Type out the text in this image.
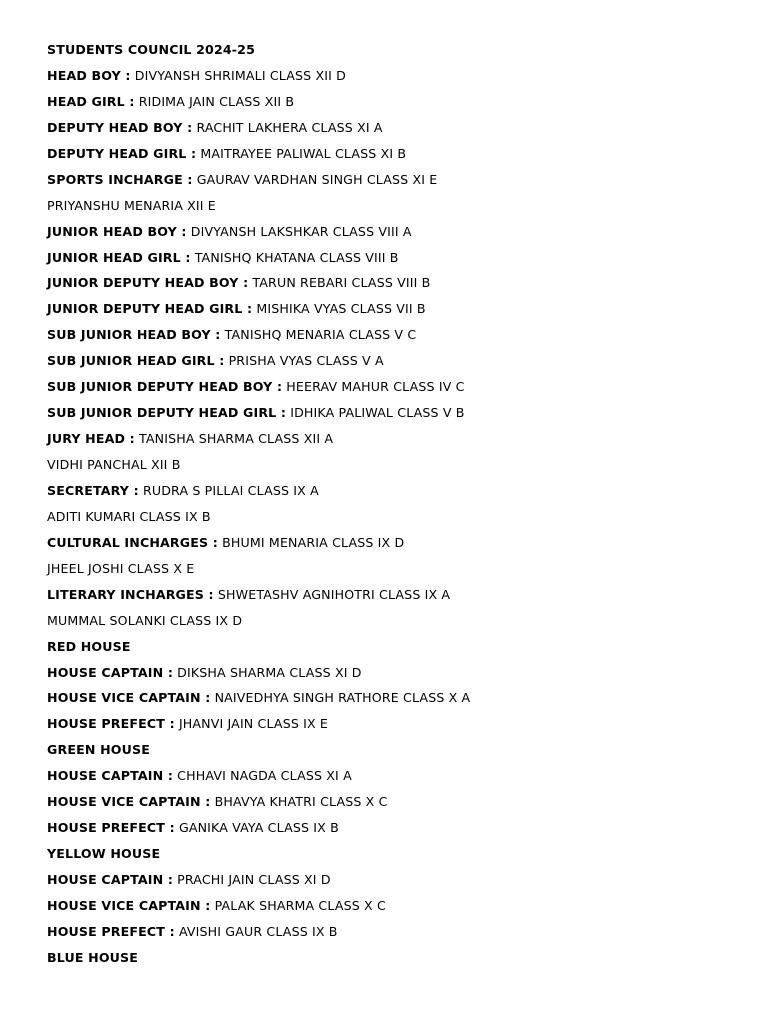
STUDENTS COUNCIL 2024-25
HEAD BOY : DIVYANSH SHRIMALI CLASS XII D
HEAD GIRL : RIDIMA JAIN CLASS XII B
DEPUTY HEAD BOY : RACHIT LAKHERA CLASS XI A
DEPUTY HEAD GIRL : MAITRAYEE PALIWAL CLASS XI B
SPORTS INCHARGE : GAURAV VARDHAN SINGH CLASS XI E
PRIYANSHU MENARIA XII E
JUNIOR HEAD BOY : DIVYANSH LAKSHKAR CLASS VIII A
JUNIOR HEAD GIRL : TANISHQ KHATANA CLASS VIII B
JUNIOR DEPUTY HEAD BOY : TARUN REBARI CLASS VIII B
JUNIOR DEPUTY HEAD GIRL : MISHIKA VYAS CLASS VII B
SUB JUNIOR HEAD BOY : TANISHQ MENARIA CLASS V C
SUB JUNIOR HEAD GIRL : PRISHA VYAS CLASS V A
SUB JUNIOR DEPUTY HEAD BOY : HEERAV MAHUR CLASS IV C
SUB JUNIOR DEPUTY HEAD GIRL : IDHIKA PALIWAL CLASS V B
JURY HEAD : TANISHA SHARMA CLASS XII A
VIDHI PANCHAL XII B
SECRETARY : RUDRA S PILLAI CLASS IX A
ADITI KUMARI CLASS IX B
CULTURAL INCHARGES : BHUMI MENARIA CLASS IX D
JHEEL JOSHI CLASS X E
LITERARY INCHARGES : SHWETASHV AGNIHOTRI CLASS IX A
MUMMAL SOLANKI CLASS IX D
RED HOUSE
HOUSE CAPTAIN : DIKSHA SHARMA CLASS XI D
HOUSE VICE CAPTAIN : NAIVEDHYA SINGH RATHORE CLASS X A
HOUSE PREFECT : JHANVI JAIN CLASS IX E
GREEN HOUSE
HOUSE CAPTAIN : CHHAVI NAGDA CLASS XI A
HOUSE VICE CAPTAIN : BHAVYA KHATRI CLASS X C
HOUSE PREFECT : GANIKA VAYA CLASS IX B
YELLOW HOUSE
HOUSE CAPTAIN : PRACHI JAIN CLASS XI D
HOUSE VICE CAPTAIN : PALAK SHARMA CLASS X C
HOUSE PREFECT : AVISHI GAUR CLASS IX B
BLUE HOUSE
